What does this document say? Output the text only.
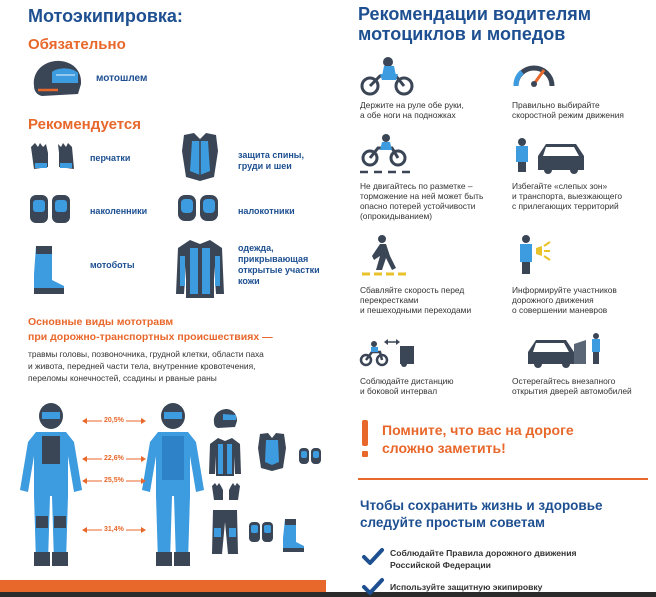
Мотоэкипировка:
Обязательно
мотошлем
Рекомендуется
перчатки	защита спины, груди и шеи
наколенники	налокотники
мотоботы
одежда, прикрывающая открытые участки кожи
Основные виды мототравм
при дорожно-транспортных происшествиях —
травмы головы, позвоночника, грудной клетки, области паха
и живота, передней части тела, внутренние кровотечения,
переломы конечностей, ссадины и рваные раны
20,5%
22,6%
25,5%
31,4%
Рекомендации водителям
мотоциклов и мопедов
Держите на руле обе руки,
а обе ноги на подножках
Правильно выбирайте
скоростной режим движения
Не двигайтесь по разметке –
торможение на ней может быть
опасно потерей устойчивости
(опрокидыванием)
Избегайте «слепых зон»
и транспорта, выезжающего
с прилегающих территорий
Сбавляйте скорость перед
перекрестками
и пешеходными переходами
Информируйте участников
дорожного движения
о совершении маневров
Соблюдайте дистанцию
и боковой интервал
Остерегайтесь внезапного
открытия дверей автомобилей
Помните, что вас на дороге
сложно заметить!
Чтобы сохранить жизнь и здоровье
следуйте простым советам
Соблюдайте Правила дорожного движения
Российской Федерации
Используйте защитную экипировку
